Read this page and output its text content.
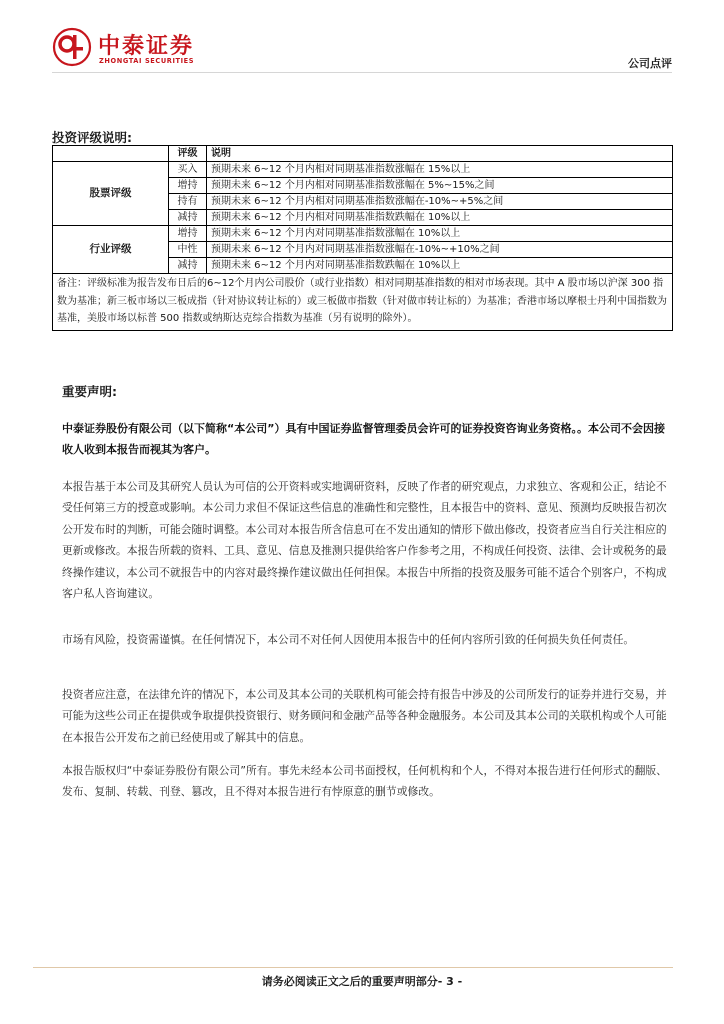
中泰证券
ZHONGTAI SECURITIES	公司点评
投资评级说明:
	评级	说明
股票评级	买入	预期未来 6~12 个月内相对同期基准指数涨幅在 15%以上
	增持	预期未来 6~12 个月内相对同期基准指数涨幅在 5%~15%之间
	持有	预期未来 6~12 个月内相对同期基准指数涨幅在-10%~+5%之间
	减持	预期未来 6~12 个月内相对同期基准指数跌幅在 10%以上
行业评级	增持	预期未来 6~12 个月内对同期基准指数涨幅在 10%以上
	中性	预期未来 6~12 个月内对同期基准指数涨幅在-10%~+10%之间
	减持	预期未来 6~12 个月内对同期基准指数跌幅在 10%以上
备注：评级标准为报告发布日后的6~12个月内公司股价（或行业指数）相对同期基准指数的相对市场表现。其中 A 股市场以沪深 300 指数为基准；新三板市场以三板成指（针对协议转让标的）或三板做市指数（针对做市转让标的）为基准；香港市场以摩根士丹利中国指数为基准，美股市场以标普 500 指数或纳斯达克综合指数为基准（另有说明的除外）。		
重要声明:
中泰证券股份有限公司（以下简称“本公司”）具有中国证券监督管理委员会许可的证券投资咨询业务资格。。本公司不会因接收人收到本报告而视其为客户。
本报告基于本公司及其研究人员认为可信的公开资料或实地调研资料，反映了作者的研究观点，力求独立、客观和公正，结论不受任何第三方的授意或影响。本公司力求但不保证这些信息的准确性和完整性，且本报告中的资料、意见、预测均反映报告初次公开发布时的判断，可能会随时调整。本公司对本报告所含信息可在不发出通知的情形下做出修改，投资者应当自行关注相应的更新或修改。本报告所载的资料、工具、意见、信息及推测只提供给客户作参考之用，不构成任何投资、法律、会计或税务的最终操作建议，本公司不就报告中的内容对最终操作建议做出任何担保。本报告中所指的投资及服务可能不适合个别客户，不构成客户私人咨询建议。
市场有风险，投资需谨慎。在任何情况下，本公司不对任何人因使用本报告中的任何内容所引致的任何损失负任何责任。
投资者应注意，在法律允许的情况下，本公司及其本公司的关联机构可能会持有报告中涉及的公司所发行的证券并进行交易，并可能为这些公司正在提供或争取提供投资银行、财务顾问和金融产品等各种金融服务。本公司及其本公司的关联机构或个人可能在本报告公开发布之前已经使用或了解其中的信息。
本报告版权归“中泰证券股份有限公司”所有。事先未经本公司书面授权，任何机构和个人，不得对本报告进行任何形式的翻版、发布、复制、转载、刊登、篡改，且不得对本报告进行有悖原意的删节或修改。
请务必阅读正文之后的重要声明部分- 3 -
